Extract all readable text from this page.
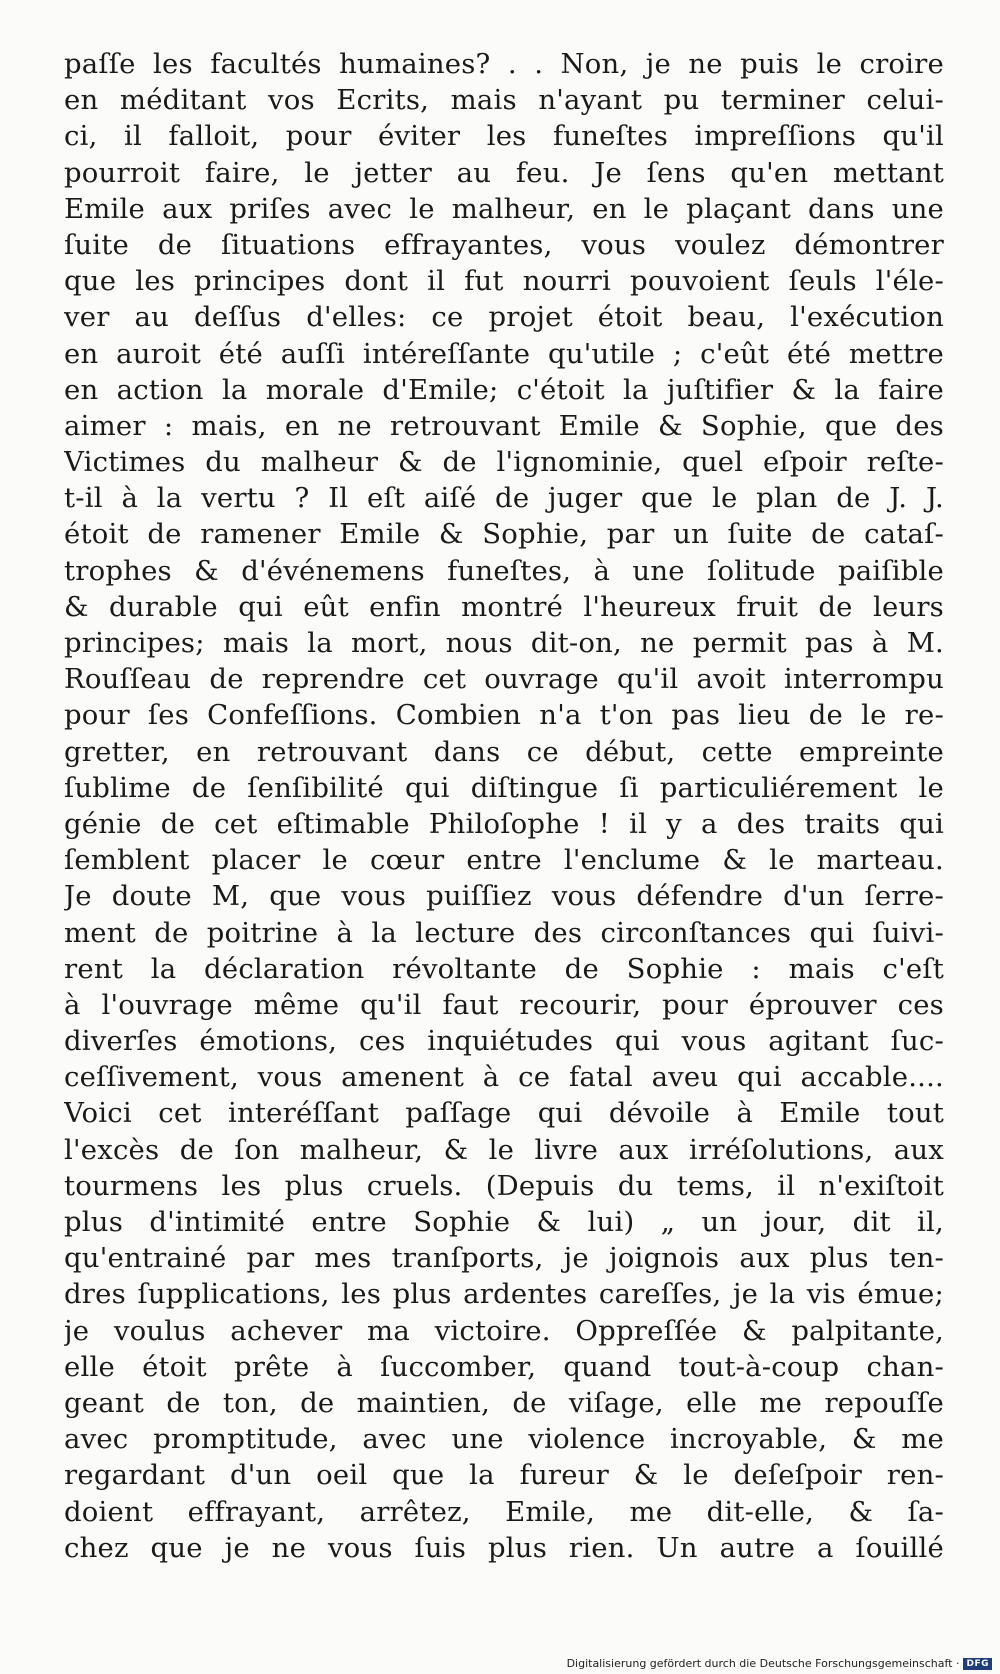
paſſe les facultés humaines? . . Non, je ne puis le croire
en méditant vos Ecrits, mais n'ayant pu terminer celui-
ci, il falloit, pour éviter les funeſtes impreſſions qu'il
pourroit faire, le jetter au feu. Je ſens qu'en mettant
Emile aux priſes avec le malheur, en le plaçant dans une
ſuite de ſituations effrayantes, vous voulez démontrer
que les principes dont il fut nourri pouvoient ſeuls l'éle-
ver au deſſus d'elles: ce projet étoit beau, l'exécution
en auroit été auſſi intéreſſante qu'utile ; c'eût été mettre
en action la morale d'Emile; c'étoit la juſtifier & la faire
aimer : mais, en ne retrouvant Emile & Sophie, que des
Victimes du malheur & de l'ignominie, quel eſpoir reſte-
t-il à la vertu ? Il eſt aiſé de juger que le plan de J. J.
étoit de ramener Emile & Sophie, par un ſuite de cataſ-
trophes & d'événemens funeſtes, à une ſolitude paiſible
& durable qui eût enfin montré l'heureux fruit de leurs
principes; mais la mort, nous dit-on, ne permit pas à M.
Rouſſeau de reprendre cet ouvrage qu'il avoit interrompu
pour ſes Confeſſions. Combien n'a t'on pas lieu de le re-
gretter, en retrouvant dans ce début, cette empreinte
ſublime de ſenſibilité qui diſtingue ſi particuliérement le
génie de cet eſtimable Philoſophe ! il y a des traits qui
ſemblent placer le cœur entre l'enclume & le marteau.
Je doute M, que vous puiſſiez vous défendre d'un ſerre-
ment de poitrine à la lecture des circonſtances qui ſuivi-
rent la déclaration révoltante de Sophie : mais c'eſt
à l'ouvrage même qu'il faut recourir, pour éprouver ces
diverſes émotions, ces inquiétudes qui vous agitant ſuc-
ceſſivement, vous amenent à ce fatal aveu qui accable....
Voici cet interéſſant paſſage qui dévoile à Emile tout
l'excès de ſon malheur, & le livre aux irréſolutions, aux
tourmens les plus cruels. (Depuis du tems, il n'exiſtoit
plus d'intimité entre Sophie & lui) „ un jour, dit il,
qu'entrainé par mes tranſports, je joignois aux plus ten-
dres ſupplications, les plus ardentes careſſes, je la vis émue;
je voulus achever ma victoire. Oppreſſée & palpitante,
elle étoit prête à ſuccomber, quand tout-à-coup chan-
geant de ton, de maintien, de viſage, elle me repouſſe
avec promptitude, avec une violence incroyable, & me
regardant d'un oeil que la fureur & le deſeſpoir ren-
doient effrayant, arrêtez, Emile, me dit-elle, & ſa-
chez que je ne vous ſuis plus rien. Un autre a ſouillé
Digitalisierung gefördert durch die Deutsche Forschungsgemeinschaft · DFG
